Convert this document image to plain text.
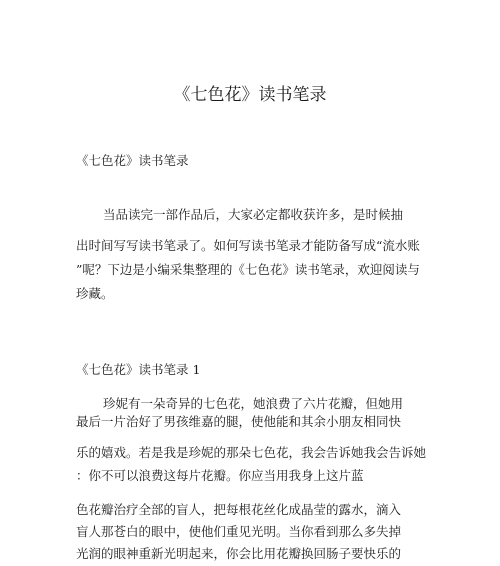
《七色花》读书笔录
《七色花》读书笔录
当品读完一部作品后，大家必定都收获许多，是时候抽
出时间写写读书笔录了。如何写读书笔录才能防备写成“流水账
”呢？下边是小编采集整理的《七色花》读书笔录，欢迎阅读与
珍藏。
《七色花》读书笔录 1
珍妮有一朵奇异的七色花，她浪费了六片花瓣，但她用
最后一片治好了男孩维嘉的腿，使他能和其余小朋友相同快
乐的嬉戏。若是我是珍妮的那朵七色花，我会告诉她我会告诉她
：你不可以浪费这每片花瓣。你应当用我身上这片蓝
色花瓣治疗全部的盲人，把每根花丝化成晶莹的露水，滴入
盲人那苍白的眼中，使他们重见光明。当你看到那么多失掉
光润的眼神重新光明起来，你会比用花瓣换回肠子要快乐的
